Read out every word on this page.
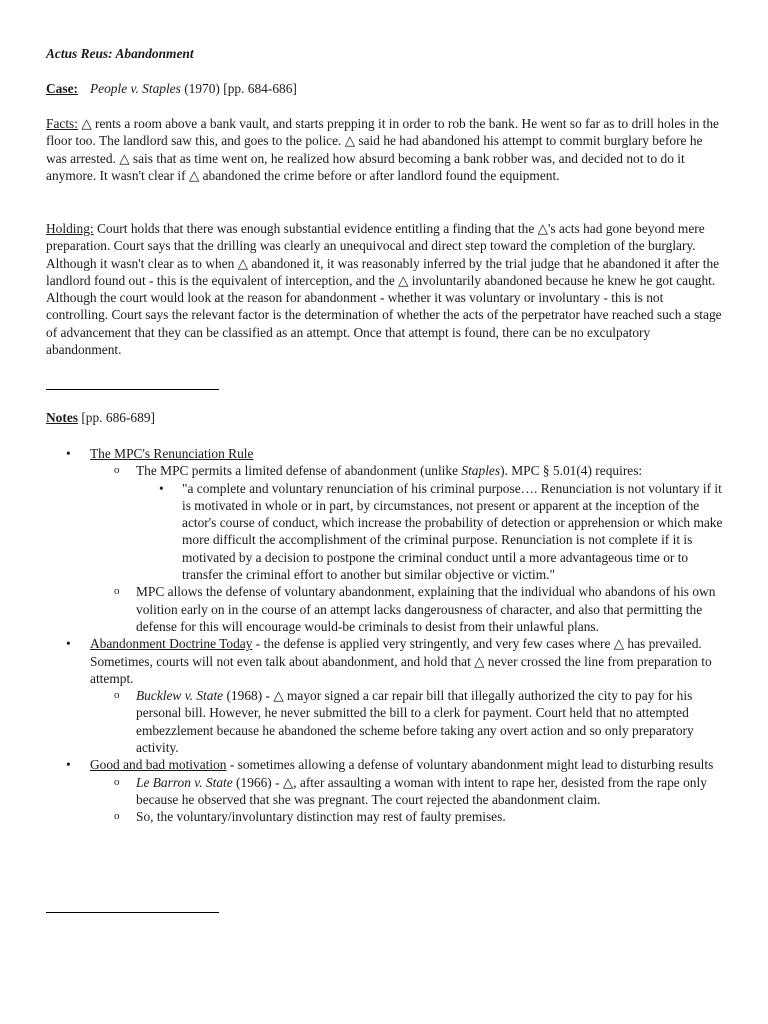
Actus Reus: Abandonment

Case: People v. Staples (1970) [pp. 684-686]

Facts: △ rents a room above a bank vault, and starts prepping it in order to rob the bank. He went so far as to drill holes in the floor too. The landlord saw this, and goes to the police. △ said he had abandoned his attempt to commit burglary before he was arrested. △ sais that as time went on, he realized how absurd becoming a bank robber was, and decided not to do it anymore. It wasn't clear if △ abandoned the crime before or after landlord found the equipment.

Holding: Court holds that there was enough substantial evidence entitling a finding that the △'s acts had gone beyond mere preparation. Court says that the drilling was clearly an unequivocal and direct step toward the completion of the burglary. Although it wasn't clear as to when △ abandoned it, it was reasonably inferred by the trial judge that he abandoned it after the landlord found out - this is the equivalent of interception, and the △ involuntarily abandoned because he knew he got caught. Although the court would look at the reason for abandonment - whether it was voluntary or involuntary - this is not controlling. Court says the relevant factor is the determination of whether the acts of the perpetrator have reached such a stage of advancement that they can be classified as an attempt. Once that attempt is found, there can be no exculpatory abandonment.

Notes [pp. 686-689]

• The MPC's Renunciation Rule
o The MPC permits a limited defense of abandonment (unlike Staples). MPC § 5.01(4) requires:
• "a complete and voluntary renunciation of his criminal purpose…. Renunciation is not voluntary if it is motivated in whole or in part, by circumstances, not present or apparent at the inception of the actor's course of conduct, which increase the probability of detection or apprehension or which make more difficult the accomplishment of the criminal purpose. Renunciation is not complete if it is motivated by a decision to postpone the criminal conduct until a more advantageous time or to transfer the criminal effort to another but similar objective or victim."
o MPC allows the defense of voluntary abandonment, explaining that the individual who abandons of his own volition early on in the course of an attempt lacks dangerousness of character, and also that permitting the defense for this will encourage would-be criminals to desist from their unlawful plans.
• Abandonment Doctrine Today - the defense is applied very stringently, and very few cases where △ has prevailed. Sometimes, courts will not even talk about abandonment, and hold that △ never crossed the line from preparation to attempt.
o Bucklew v. State (1968) - △ mayor signed a car repair bill that illegally authorized the city to pay for his personal bill. However, he never submitted the bill to a clerk for payment. Court held that no attempted embezzlement because he abandoned the scheme before taking any overt action and so only preparatory activity.
• Good and bad motivation - sometimes allowing a defense of voluntary abandonment might lead to disturbing results
o Le Barron v. State (1966) - △, after assaulting a woman with intent to rape her, desisted from the rape only because he observed that she was pregnant. The court rejected the abandonment claim.
o So, the voluntary/involuntary distinction may rest of faulty premises.
